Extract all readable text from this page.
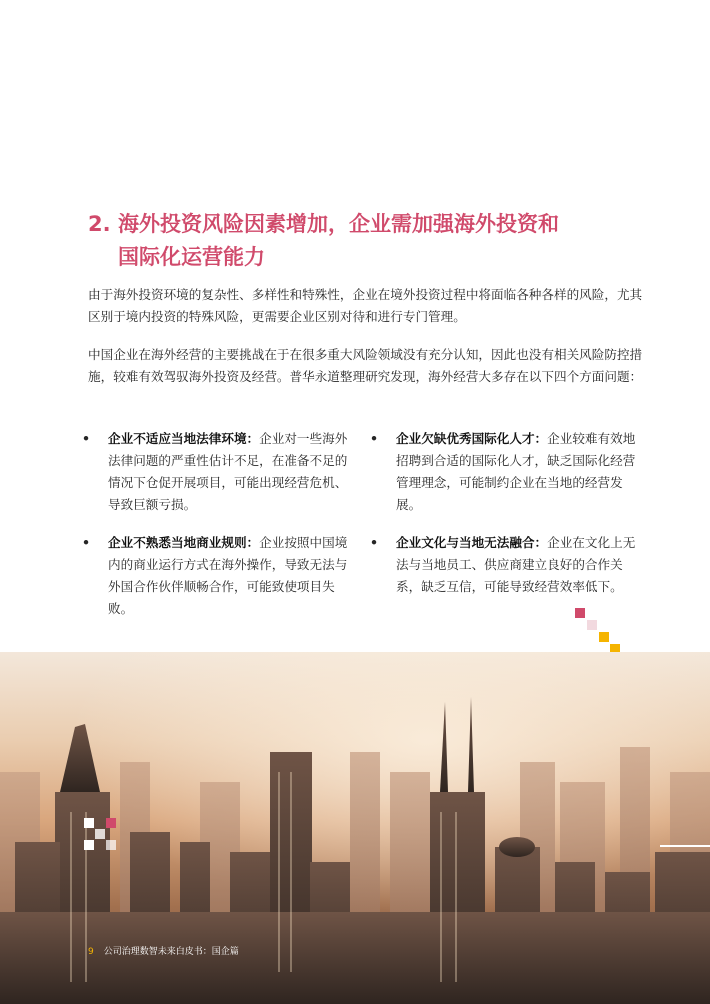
2. 海外投资风险因素增加，企业需加强海外投资和
国际化运营能力
由于海外投资环境的复杂性、多样性和特殊性，企业在境外投资过程中将面临各种各样的风险，尤其区别于境内投资的特殊风险，更需要企业区别对待和进行专门管理。
中国企业在海外经营的主要挑战在于在很多重大风险领域没有充分认知，因此也没有相关风险防控措施，较难有效驾驭海外投资及经营。普华永道整理研究发现，海外经营大多存在以下四个方面问题：
• 企业不适应当地法律环境：企业对一些海外法律问题的严重性估计不足，在准备不足的情况下仓促开展项目，可能出现经营危机、导致巨额亏损。
• 企业欠缺优秀国际化人才：企业较难有效地招聘到合适的国际化人才，缺乏国际化经营管理理念，可能制约企业在当地的经营发展。
• 企业不熟悉当地商业规则：企业按照中国境内的商业运行方式在海外操作，导致无法与外国合作伙伴顺畅合作，可能致使项目失败。
• 企业文化与当地无法融合：企业在文化上无法与当地员工、供应商建立良好的合作关系，缺乏互信，可能导致经营效率低下。
9 公司治理数智未来白皮书：国企篇
